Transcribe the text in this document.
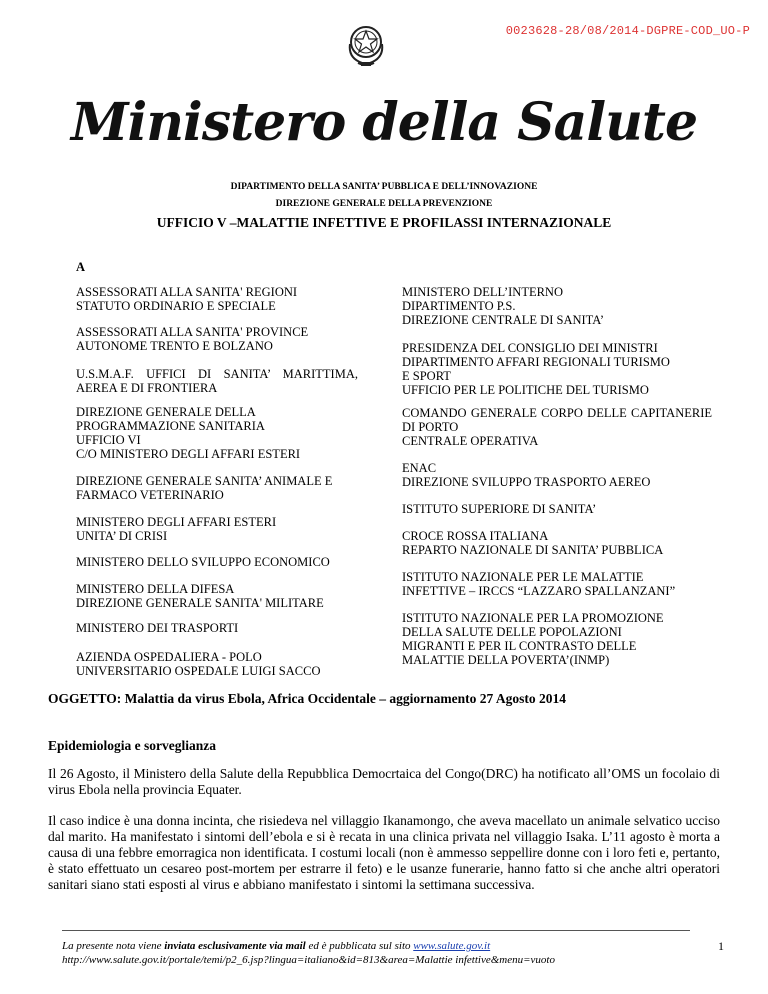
0023628-28/08/2014-DGPRE-COD_UO-P
Ministero della Salute
DIPARTIMENTO DELLA SANITA’ PUBBLICA E DELL’INNOVAZIONE
DIREZIONE GENERALE DELLA PREVENZIONE
UFFICIO V –MALATTIE INFETTIVE E PROFILASSI INTERNAZIONALE
A
ASSESSORATI ALLA SANITA' REGIONI
STATUTO ORDINARIO E SPECIALE
ASSESSORATI ALLA SANITA' PROVINCE
AUTONOME TRENTO E BOLZANO
U.S.M.A.F. UFFICI DI SANITA’ MARITTIMA, AEREA E DI FRONTIERA
DIREZIONE GENERALE DELLA
PROGRAMMAZIONE SANITARIA
UFFICIO VI
C/O MINISTERO DEGLI AFFARI ESTERI
DIREZIONE GENERALE SANITA’ ANIMALE E
FARMACO VETERINARIO
MINISTERO DEGLI AFFARI ESTERI
UNITA’ DI CRISI
MINISTERO DELLO SVILUPPO ECONOMICO
MINISTERO DELLA DIFESA
DIREZIONE GENERALE SANITA' MILITARE
MINISTERO DEI TRASPORTI
AZIENDA OSPEDALIERA - POLO
UNIVERSITARIO OSPEDALE LUIGI SACCO
MINISTERO DELL’INTERNO
DIPARTIMENTO P.S.
DIREZIONE CENTRALE DI SANITA’
PRESIDENZA DEL CONSIGLIO DEI MINISTRI
DIPARTIMENTO AFFARI REGIONALI TURISMO
E SPORT
UFFICIO PER LE POLITICHE DEL TURISMO
COMANDO GENERALE CORPO DELLE CAPITANERIE DI PORTO
CENTRALE OPERATIVA
ENAC
DIREZIONE SVILUPPO TRASPORTO AEREO
ISTITUTO SUPERIORE DI SANITA’
CROCE ROSSA ITALIANA
REPARTO NAZIONALE DI SANITA’ PUBBLICA
ISTITUTO NAZIONALE PER LE MALATTIE
INFETTIVE – IRCCS “LAZZARO SPALLANZANI”
ISTITUTO NAZIONALE PER LA PROMOZIONE
DELLA SALUTE DELLE POPOLAZIONI
MIGRANTI E PER IL CONTRASTO DELLE
MALATTIE DELLA POVERTA’(INMP)
OGGETTO: Malattia da virus Ebola, Africa Occidentale – aggiornamento 27 Agosto 2014
Epidemiologia e sorveglianza
Il 26 Agosto, il Ministero della Salute della Repubblica Democrtaica del Congo(DRC) ha notificato all’OMS un focolaio di virus Ebola nella provincia Equater.
Il caso indice è una donna incinta, che risiedeva nel villaggio Ikanamongo, che aveva macellato un animale selvatico ucciso dal marito. Ha manifestato i sintomi dell’ebola e si è recata in una clinica privata nel villaggio Isaka. L’11 agosto è morta a causa di una febbre emorragica non identificata. I costumi locali (non è ammesso seppellire donne con i loro feti e, pertanto, è stato effettuato un cesareo post-mortem per estrarre il feto) e le usanze funerarie, hanno fatto si che anche altri operatori sanitari siano stati esposti al virus e abbiano manifestato i sintomi la settimana successiva.
La presente nota viene inviata esclusivamente via mail ed è pubblicata sul sito www.salute.gov.it
http://www.salute.gov.it/portale/temi/p2_6.jsp?lingua=italiano&id=813&area=Malattie infettive&menu=vuoto
1
